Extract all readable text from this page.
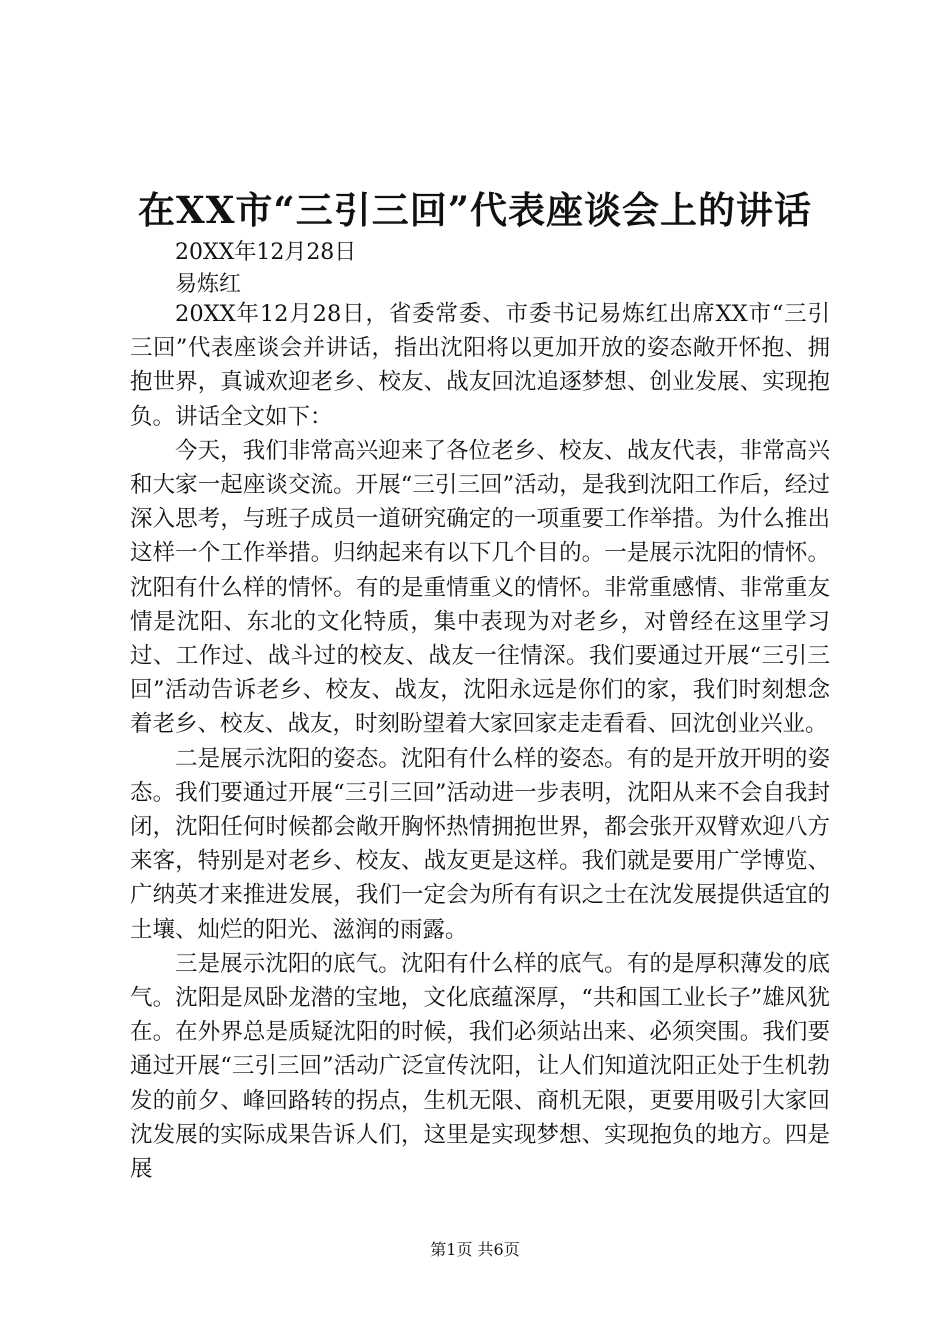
在XX市“三引三回”代表座谈会上的讲话
20XX年12月28日
易炼红

20XX年12月28日，省委常委、市委书记易炼红出席XX市“三引三回”代表座谈会并讲话，指出沈阳将以更加开放的姿态敞开怀抱、拥抱世界，真诚欢迎老乡、校友、战友回沈追逐梦想、创业发展、实现抱负。讲话全文如下：

今天，我们非常高兴迎来了各位老乡、校友、战友代表，非常高兴和大家一起座谈交流。开展“三引三回”活动，是我到沈阳工作后，经过深入思考，与班子成员一道研究确定的一项重要工作举措。为什么推出这样一个工作举措。归纳起来有以下几个目的。一是展示沈阳的情怀。沈阳有什么样的情怀。有的是重情重义的情怀。非常重感情、非常重友情是沈阳、东北的文化特质，集中表现为对老乡，对曾经在这里学习过、工作过、战斗过的校友、战友一往情深。我们要通过开展“三引三回”活动告诉老乡、校友、战友，沈阳永远是你们的家，我们时刻想念着老乡、校友、战友，时刻盼望着大家回家走走看看、回沈创业兴业。

二是展示沈阳的姿态。沈阳有什么样的姿态。有的是开放开明的姿态。我们要通过开展“三引三回”活动进一步表明，沈阳从来不会自我封闭，沈阳任何时候都会敞开胸怀热情拥抱世界，都会张开双臂欢迎八方来客，特别是对老乡、校友、战友更是这样。我们就是要用广学博览、广纳英才来推进发展，我们一定会为所有有识之士在沈发展提供适宜的土壤、灿烂的阳光、滋润的雨露。

三是展示沈阳的底气。沈阳有什么样的底气。有的是厚积薄发的底气。沈阳是凤卧龙潜的宝地，文化底蕴深厚，“共和国工业长子”雄风犹在。在外界总是质疑沈阳的时候，我们必须站出来、必须突围。我们要通过开展“三引三回”活动广泛宣传沈阳，让人们知道沈阳正处于生机勃发的前夕、峰回路转的拐点，生机无限、商机无限，更要用吸引大家回沈发展的实际成果告诉人们，这里是实现梦想、实现抱负的地方。四是展

第1页 共6页
